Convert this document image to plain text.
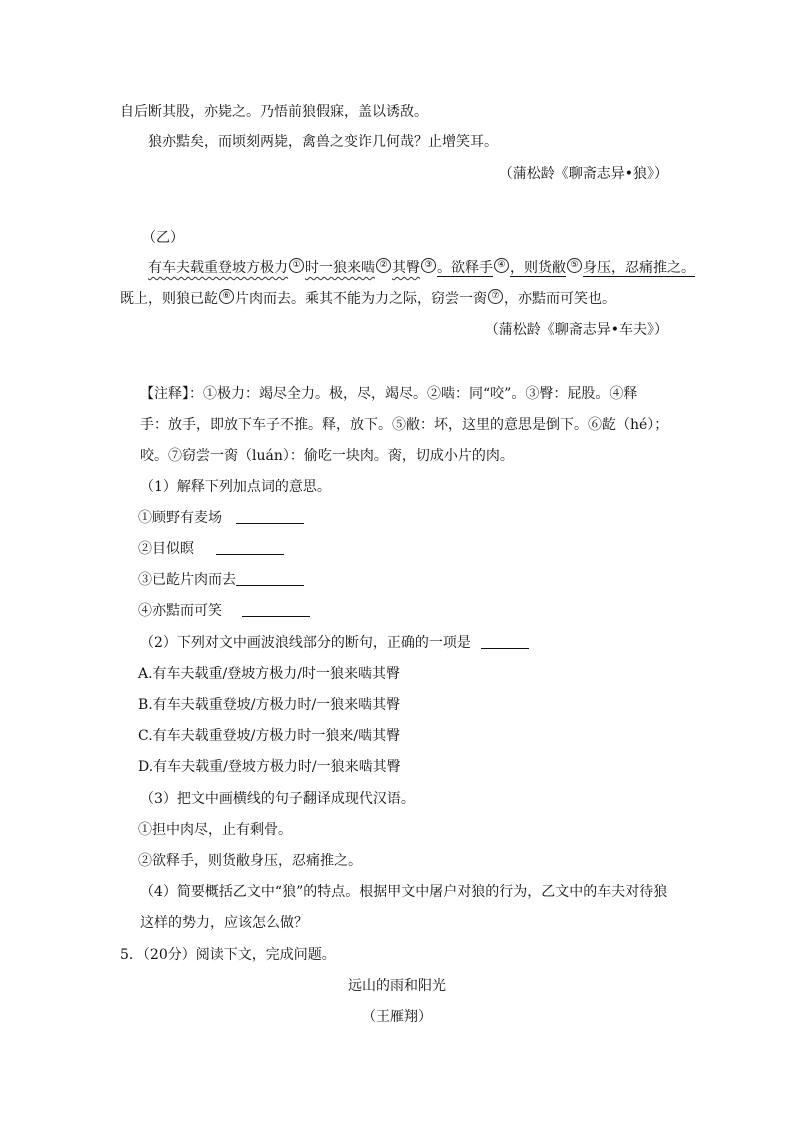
自后断其股，亦毙之。乃悟前狼假寐，盖以诱敌。
狼亦黠矣，而顷刻两毙，禽兽之变诈几何哉？止增笑耳。
（蒲松龄《聊斋志异•狼》）
（乙）
有车夫载重登坡方极力 ① 时一狼来啮 ② 其臀 ③ 。欲释手 ④ ，则货敝 ⑤ 身压，忍痛推之。
既上，则狼已龁 ⑥ 片肉而去。乘其不能为力之际，窃尝一脔 ⑦ ，亦黠而可笑也。
（蒲松龄《聊斋志异•车夫》）
【注释】：①极力：竭尽全力。极，尽，竭尽。②啮：同“咬”。③臀：屁股。④释
手：放手，即放下车子不推。释，放下。⑤敝：坏，这里的意思是倒下。⑥龁（hé）；
咬。⑦窃尝一脔（luán）：偷吃一块肉。脔，切成小片的肉。
（1）解释下列加点词的意思。
①顾野有麦场
②目似瞑
③已龁片肉而去
④亦黠而可笑
（2）下列对文中画波浪线部分的断句，正确的一项是
A.有车夫载重/登坡方极力/时一狼来啮其臀
B.有车夫载重登坡/方极力时/一狼来啮其臀
C.有车夫载重登坡/方极力时一狼来/啮其臀
D.有车夫载重/登坡方极力时/一狼来啮其臀
（3）把文中画横线的句子翻译成现代汉语。
①担中肉尽，止有剩骨。
②欲释手，则货敝身压，忍痛推之。
（4）简要概括乙文中“狼”的特点。根据甲文中屠户对狼的行为，乙文中的车夫对待狼
这样的势力，应该怎么做？
5．（20分）阅读下文，完成问题。
远山的雨和阳光
（王雁翔）
